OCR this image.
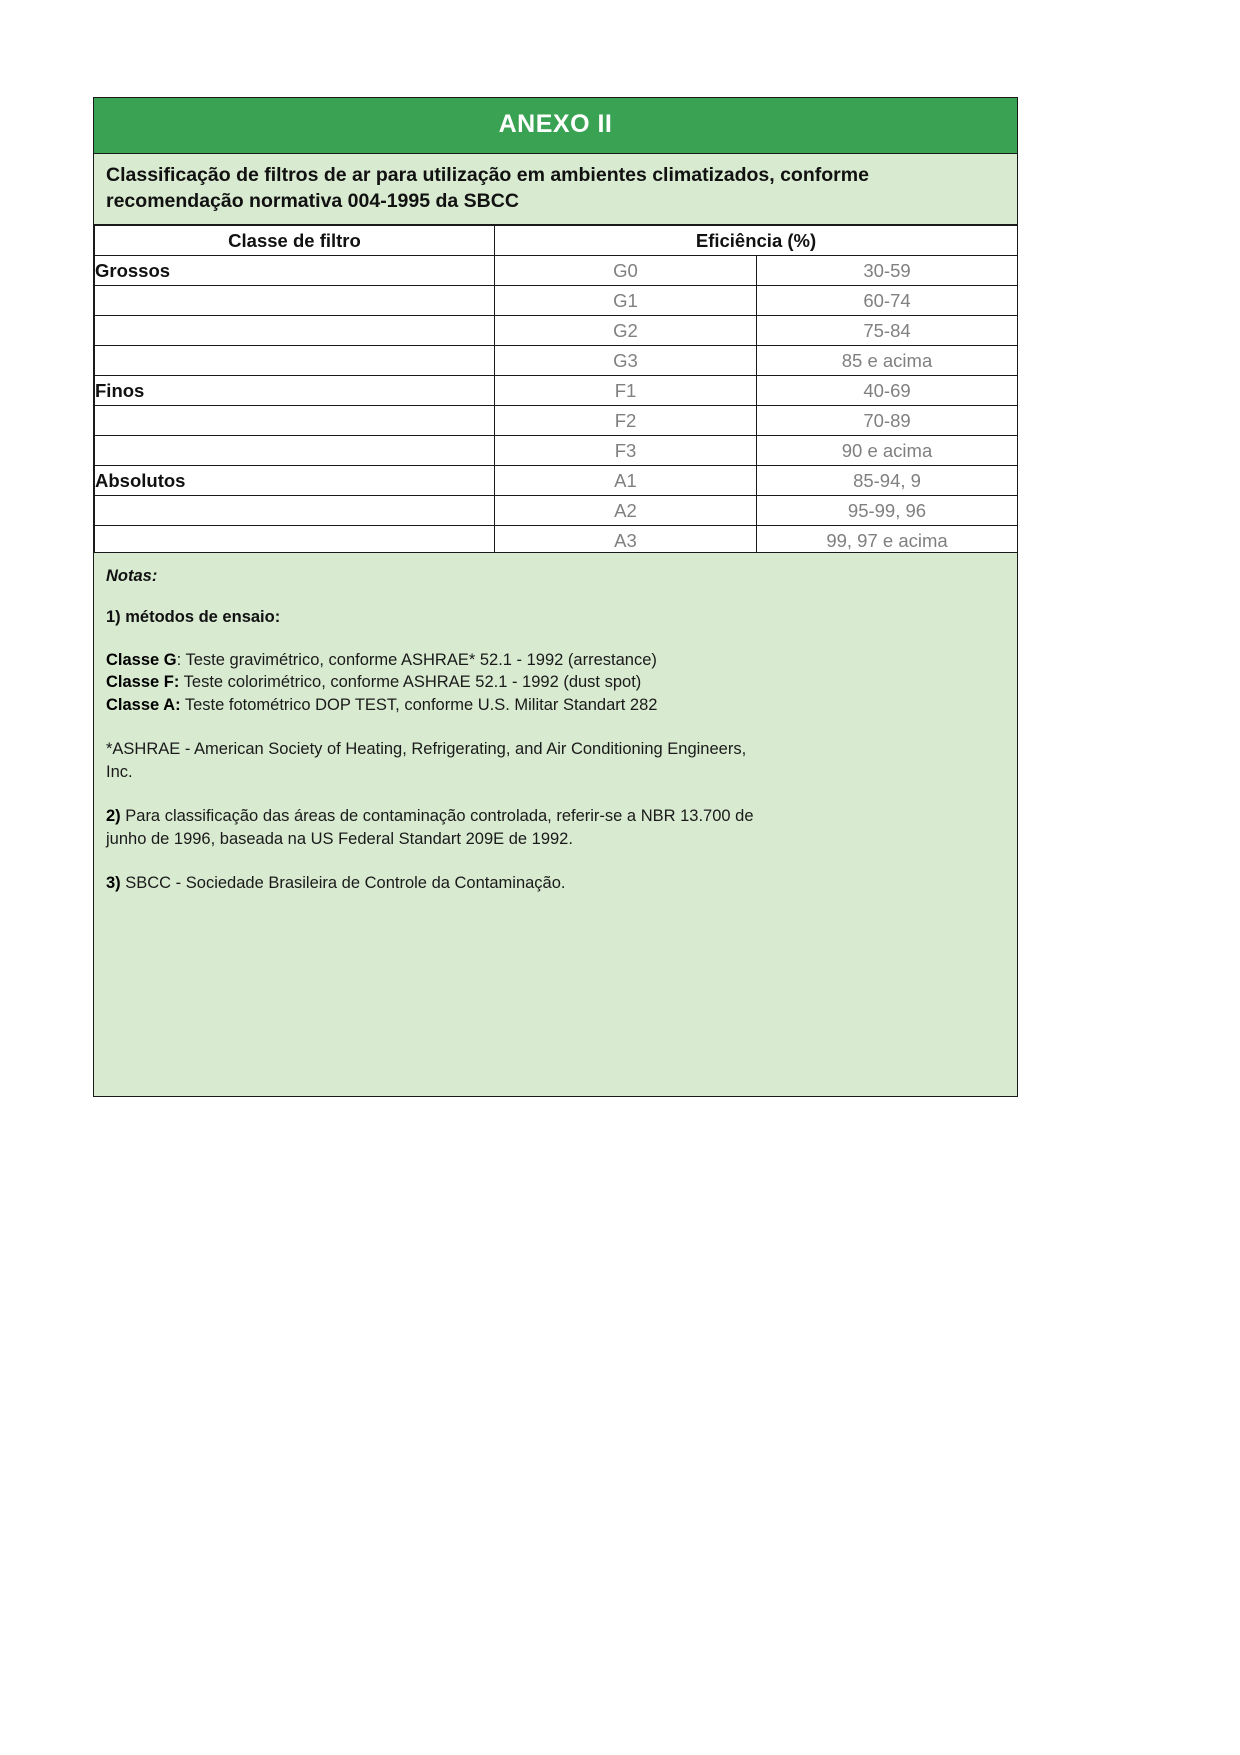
ANEXO II
Classificação de filtros de ar para utilização em ambientes climatizados, conforme recomendação normativa 004-1995 da SBCC
Classe de filtro	Eficiência (%)	
Grossos	G0	30-59
	G1	60-74
	G2	75-84
	G3	85 e acima
Finos	F1	40-69
	F2	70-89
	F3	90 e acima
Absolutos	A1	85-94, 9
	A2	95-99, 96
	A3	99, 97 e acima
Notas:
1) métodos de ensaio:

Classe G: Teste gravimétrico, conforme ASHRAE* 52.1 - 1992 (arrestance)

Classe F: Teste colorimétrico, conforme ASHRAE 52.1 - 1992 (dust spot)

Classe A: Teste fotométrico DOP TEST, conforme U.S. Militar Standart 282

*ASHRAE - American Society of Heating, Refrigerating, and Air Conditioning Engineers,

Inc.

2) Para classificação das áreas de contaminação controlada, referir-se a NBR 13.700 de

junho de 1996, baseada na US Federal Standart 209E de 1992.

3) SBCC - Sociedade Brasileira de Controle da Contaminação.
